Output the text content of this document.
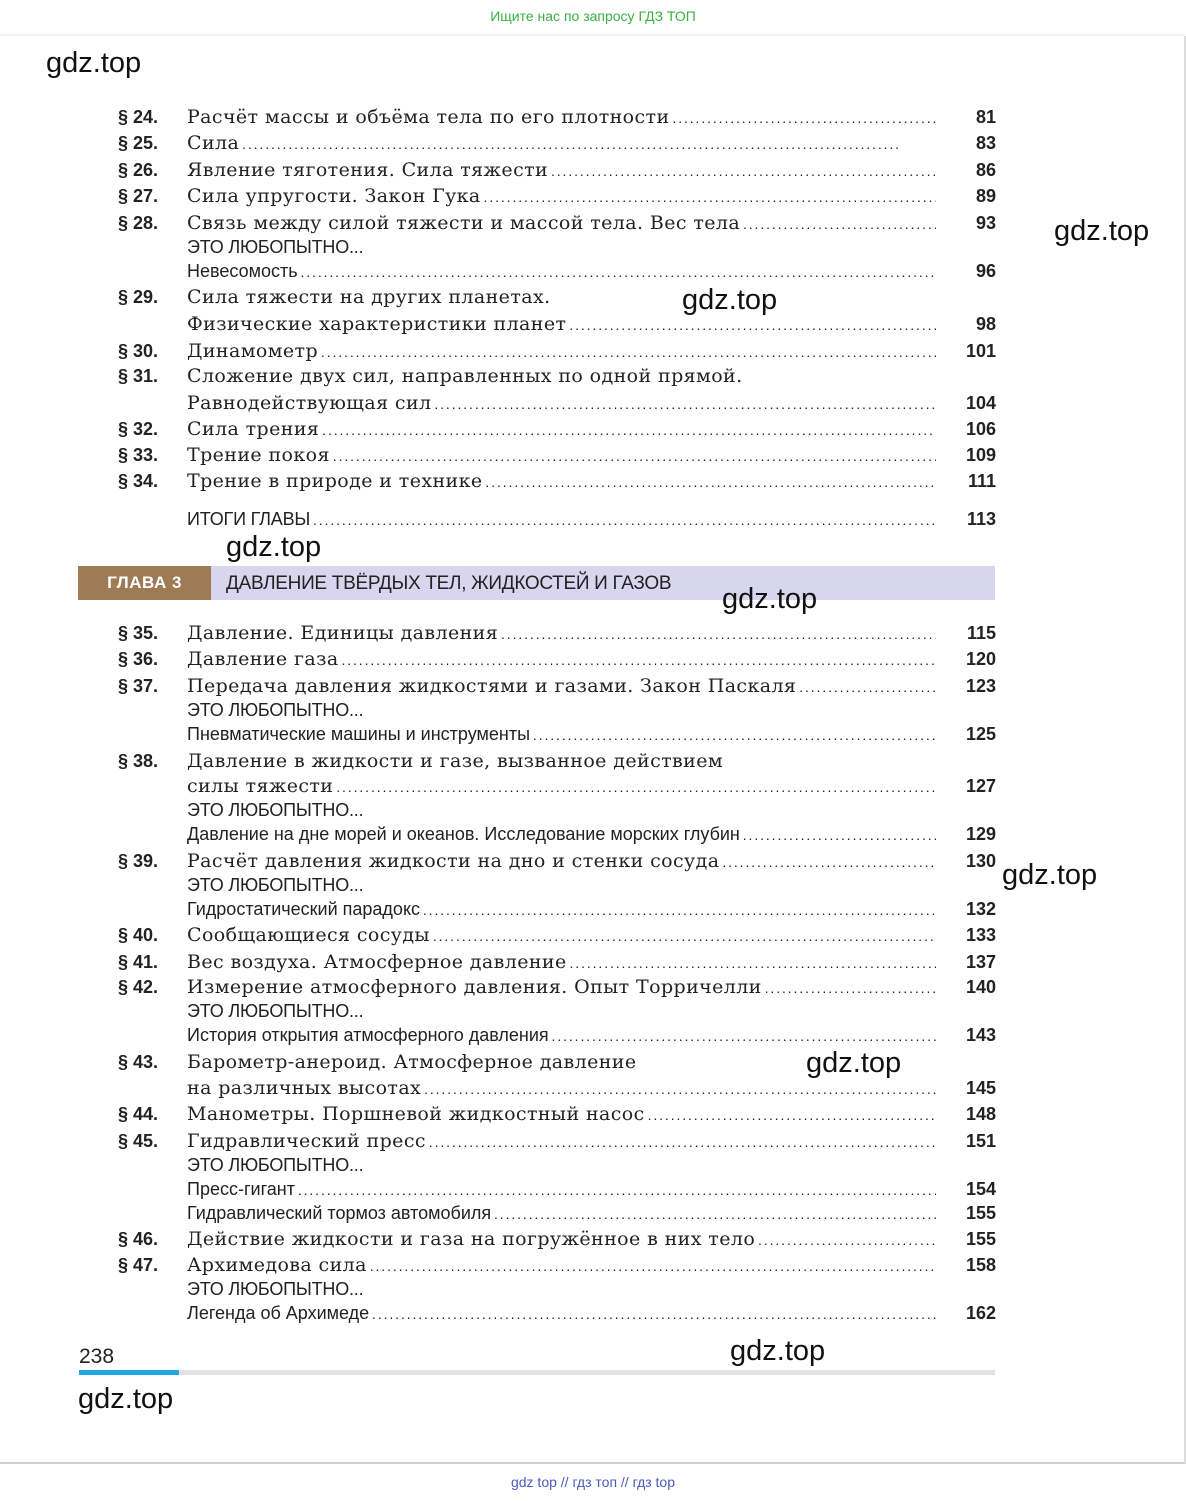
Ищите нас по запросу ГДЗ ТОП
§ 24. Расчёт массы и объёма тела по его плотности . . .	81
§ 25. Сила . . .	83
§ 26. Явление тяготения. Сила тяжести . . .	86
§ 27. Сила упругости. Закон Гука . . .	89
§ 28. Связь между силой тяжести и массой тела. Вес тела . . .	93
ЭТО ЛЮБОПЫТНО...
Невесомость . . .	96
§ 29. Сила тяжести на других планетах.
Физические характеристики планет . . .	98
§ 30. Динамометр . . .	101
§ 31. Сложение двух сил, направленных по одной прямой.
Равнодействующая сил . . .	104
§ 32. Сила трения . . .	106
§ 33. Трение покоя . . .	109
§ 34. Трение в природе и технике . . .	111
ИТОГИ ГЛАВЫ . . .	113
§ 35. Давление. Единицы давления . . .	115
§ 36. Давление газа . . .	120
§ 37. Передача давления жидкостями и газами. Закон Паскаля . . .	123
ЭТО ЛЮБОПЫТНО...
Пневматические машины и инструменты . . .	125
§ 38. Давление в жидкости и газе, вызванное действием
силы тяжести . . .	127
ЭТО ЛЮБОПЫТНО...
Давление на дне морей и океанов. Исследование морских глубин . . .	129
§ 39. Расчёт давления жидкости на дно и стенки сосуда . . .	130
ЭТО ЛЮБОПЫТНО...
Гидростатический парадокс . . .	132
§ 40. Сообщающиеся сосуды . . .	133
§ 41. Вес воздуха. Атмосферное давление . . .	137
§ 42. Измерение атмосферного давления. Опыт Торричелли . . .	140
ЭТО ЛЮБОПЫТНО...
История открытия атмосферного давления . . .	143
§ 43. Барометр-анероид. Атмосферное давление
на различных высотах . . .	145
§ 44. Манометры. Поршневой жидкостный насос . . .	148
§ 45. Гидравлический пресс . . .	151
ЭТО ЛЮБОПЫТНО...
Пресс-гигант . . .	154
Гидравлический тормоз автомобиля . . .	155
§ 46. Действие жидкости и газа на погружённое в них тело . . .	155
§ 47. Архимедова сила . . .	158
ЭТО ЛЮБОПЫТНО...
Легенда об Архимеде . . .	162
ГЛАВА 3	ДАВЛЕНИЕ ТВЁРДЫХ ТЕЛ, ЖИДКОСТЕЙ И ГАЗОВ
238
gdz.top
gdz.top
gdz.top
gdz.top
gdz.top
gdz.top
gdz.top
gdz.top
gdz.top
gdz top // гдз топ // гдз top
